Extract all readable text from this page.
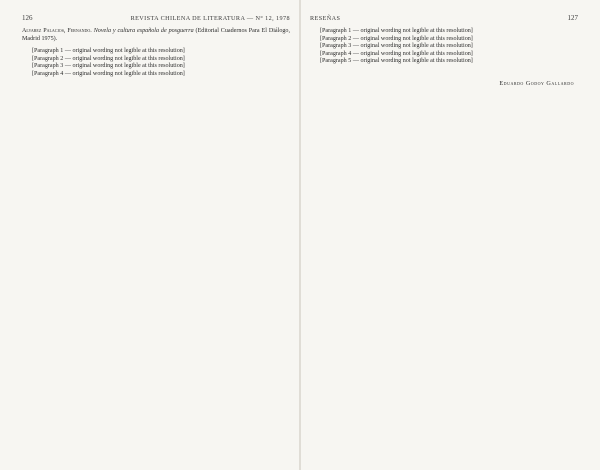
126	REVISTA CHILENA DE LITERATURA — N° 12, 1978

Alvarez Palacios, Fernando. Novela y cultura española de posguerra (Editorial Cuadernos Para El Diálogo, Madrid 1975).

[Paragraph 1 — original wording not legible at this resolution]

[Paragraph 2 — original wording not legible at this resolution]

[Paragraph 3 — original wording not legible at this resolution]

[Paragraph 4 — original wording not legible at this resolution]

RESEÑAS	127

[Paragraph 1 — original wording not legible at this resolution]

[Paragraph 2 — original wording not legible at this resolution]

[Paragraph 3 — original wording not legible at this resolution]

[Paragraph 4 — original wording not legible at this resolution]

[Paragraph 5 — original wording not legible at this resolution]

Eduardo Godoy Gallardo
